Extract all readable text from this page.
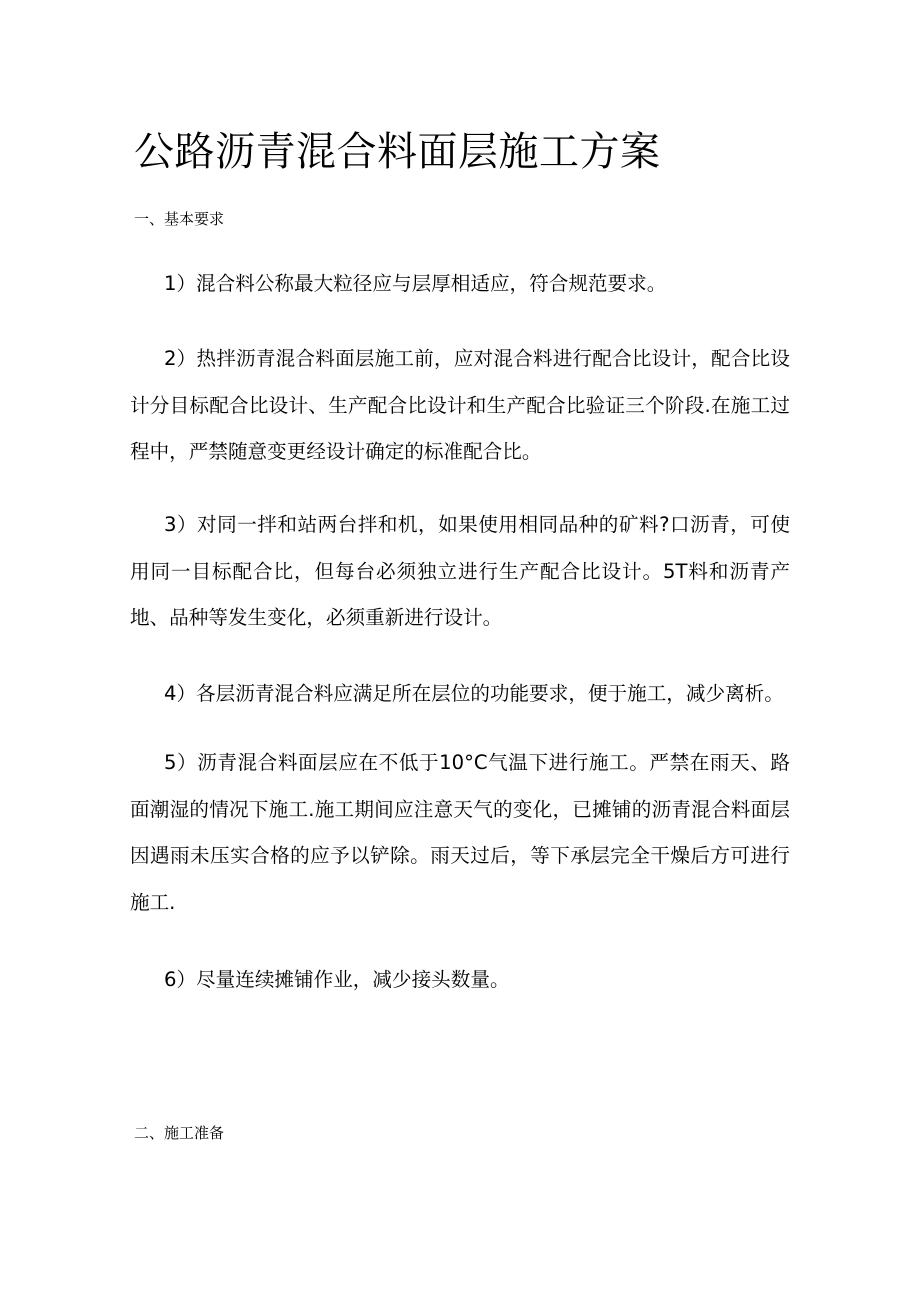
公路沥青混合料面层施工方案
一、基本要求

1）混合料公称最大粒径应与层厚相适应，符合规范要求。

2）热拌沥青混合料面层施工前，应对混合料进行配合比设计，配合比设计分目标配合比设计、生产配合比设计和生产配合比验证三个阶段.在施工过程中，严禁随意变更经设计确定的标准配合比。

3）对同一拌和站两台拌和机，如果使用相同品种的矿料?口沥青，可使用同一目标配合比，但每台必须独立进行生产配合比设计。5T料和沥青产地、品种等发生变化，必须重新进行设计。

4）各层沥青混合料应满足所在层位的功能要求，便于施工，减少离析。

5）沥青混合料面层应在不低于10°C气温下进行施工。严禁在雨天、路面潮湿的情况下施工.施工期间应注意天气的变化，已摊铺的沥青混合料面层因遇雨未压实合格的应予以铲除。雨天过后，等下承层完全干燥后方可进行施工.

6）尽量连续摊铺作业，减少接头数量。

二、施工准备
